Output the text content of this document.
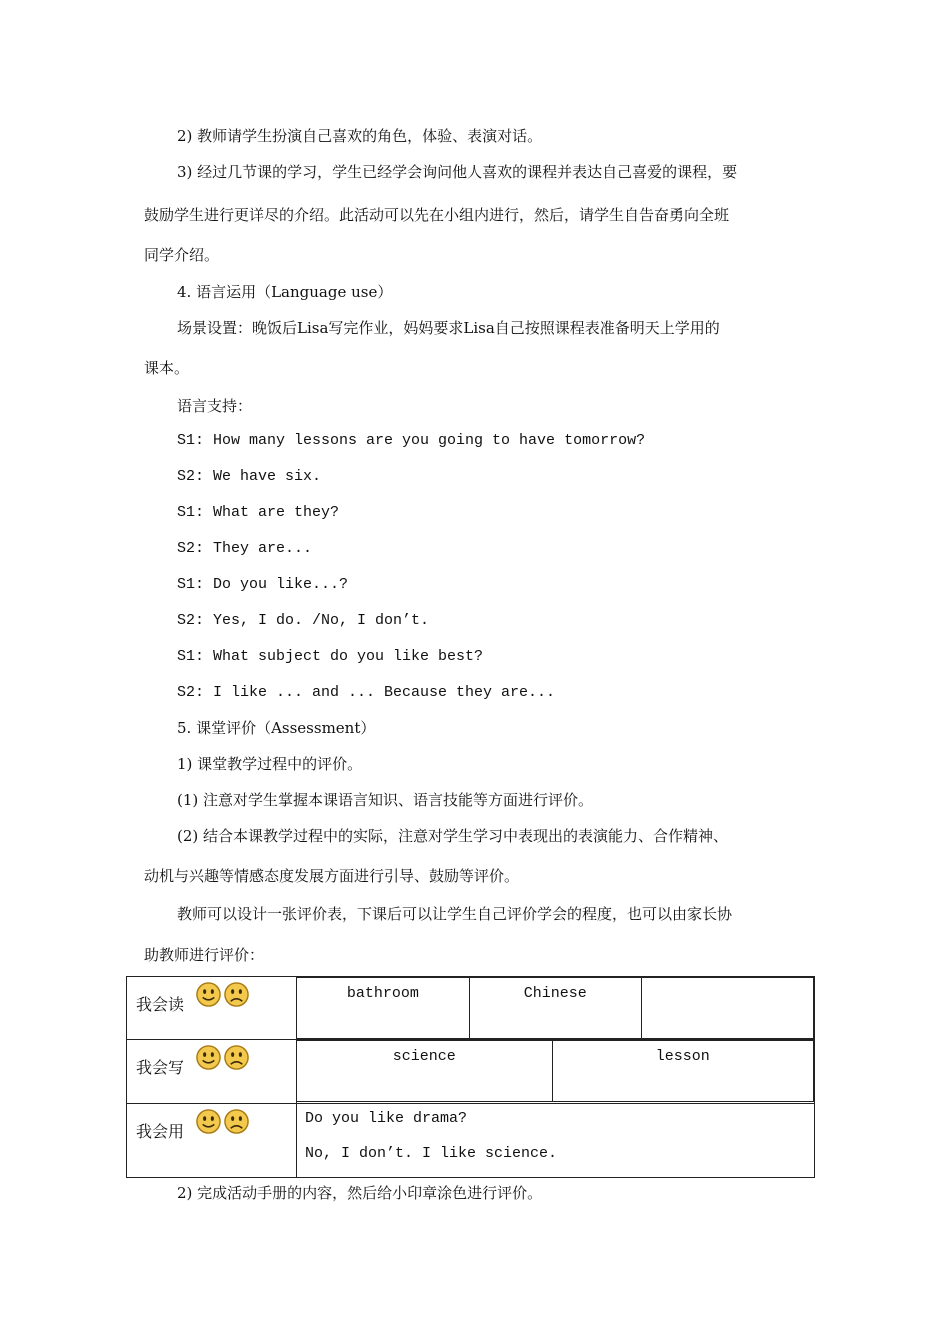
2) 教师请学生扮演自己喜欢的角色，体验、表演对话。
3) 经过几节课的学习，学生已经学会询问他人喜欢的课程并表达自己喜爱的课程，要
鼓励学生进行更详尽的介绍。此活动可以先在小组内进行，然后，请学生自告奋勇向全班
同学介绍。
4. 语言运用（Language use）
场景设置：晚饭后Lisa写完作业，妈妈要求Lisa自己按照课程表准备明天上学用的
课本。
语言支持：
S1: How many lessons are you going to have tomorrow?
S2: We have six.
S1: What are they?
S2: They are...
S1: Do you like...?
S2: Yes, I do. /No, I don’t.
S1: What subject do you like best?
S2: I like ... and ... Because they are...
5. 课堂评价（Assessment）
1) 课堂教学过程中的评价。
(1) 注意对学生掌握本课语言知识、语言技能等方面进行评价。
(2) 结合本课教学过程中的实际，注意对学生学习中表现出的表演能力、合作精神、
动机与兴趣等情感态度发展方面进行引导、鼓励等评价。
教师可以设计一张评价表，下课后可以让学生自己评价学会的程度，也可以由家长协
助教师进行评价：
我会读

bathroom	Chinese

我会写

science	lesson

我会用

Do you like drama?
No, I don’t. I like science.
2) 完成活动手册的内容，然后给小印章涂色进行评价。
